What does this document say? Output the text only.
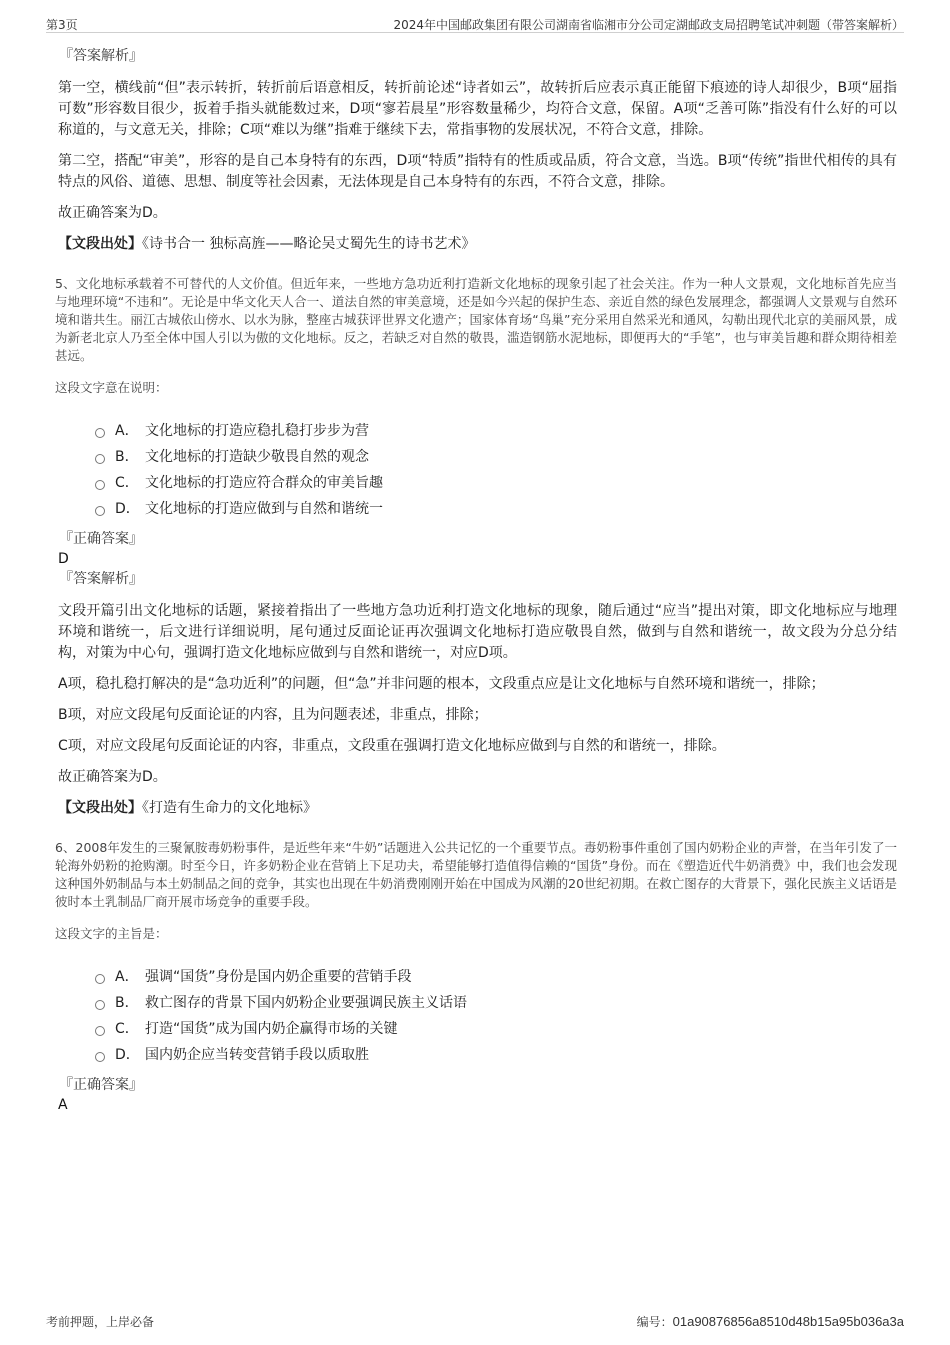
第3页	2024年中国邮政集团有限公司湖南省临湘市分公司定湖邮政支局招聘笔试冲刺题（带答案解析）

『答案解析』

第一空，横线前“但”表示转折，转折前后语意相反，转折前论述“诗者如云”，故转折后应表示真正能留下痕迹的诗人却很少，B项“屈指可数”形容数目很少，扳着手指头就能数过来，D项“寥若晨星”形容数量稀少，均符合文意，保留。A项“乏善可陈”指没有什么好的可以称道的，与文意无关，排除；C项“难以为继”指难于继续下去，常指事物的发展状况，不符合文意，排除。

第二空，搭配“审美”，形容的是自己本身特有的东西，D项“特质”指特有的性质或品质，符合文意，当选。B项“传统”指世代相传的具有特点的风俗、道德、思想、制度等社会因素，无法体现是自己本身特有的东西，不符合文意，排除。

故正确答案为D。

【文段出处】《诗书合一 独标高旌——略论吴丈蜀先生的诗书艺术》

5、文化地标承载着不可替代的人文价值。但近年来，一些地方急功近利打造新文化地标的现象引起了社会关注。作为一种人文景观，文化地标首先应当与地理环境“不违和”。无论是中华文化天人合一、道法自然的审美意境，还是如今兴起的保护生态、亲近自然的绿色发展理念，都强调人文景观与自然环境和谐共生。丽江古城依山傍水、以水为脉，整座古城获评世界文化遗产；国家体育场“鸟巢”充分采用自然采光和通风，勾勒出现代北京的美丽风景，成为新老北京人乃至全体中国人引以为傲的文化地标。反之，若缺乏对自然的敬畏，滥造钢筋水泥地标，即便再大的“手笔”，也与审美旨趣和群众期待相差甚远。

这段文字意在说明：

A． 文化地标的打造应稳扎稳打步步为营
B． 文化地标的打造缺少敬畏自然的观念
C． 文化地标的打造应符合群众的审美旨趣
D． 文化地标的打造应做到与自然和谐统一

『正确答案』

D

『答案解析』

文段开篇引出文化地标的话题，紧接着指出了一些地方急功近利打造文化地标的现象，随后通过“应当”提出对策，即文化地标应与地理环境和谐统一，后文进行详细说明，尾句通过反面论证再次强调文化地标打造应敬畏自然，做到与自然和谐统一，故文段为分总分结构，对策为中心句，强调打造文化地标应做到与自然和谐统一，对应D项。

A项，稳扎稳打解决的是“急功近利”的问题，但“急”并非问题的根本，文段重点应是让文化地标与自然环境和谐统一，排除；

B项，对应文段尾句反面论证的内容，且为问题表述，非重点，排除；

C项，对应文段尾句反面论证的内容，非重点，文段重在强调打造文化地标应做到与自然的和谐统一，排除。

故正确答案为D。

【文段出处】《打造有生命力的文化地标》

6、2008年发生的三聚氰胺毒奶粉事件，是近些年来“牛奶”话题进入公共记忆的一个重要节点。毒奶粉事件重创了国内奶粉企业的声誉，在当年引发了一轮海外奶粉的抢购潮。时至今日，许多奶粉企业在营销上下足功夫，希望能够打造值得信赖的“国货”身份。而在《塑造近代牛奶消费》中，我们也会发现这种国外奶制品与本土奶制品之间的竞争，其实也出现在牛奶消费刚刚开始在中国成为风潮的20世纪初期。在救亡图存的大背景下，强化民族主义话语是彼时本土乳制品厂商开展市场竞争的重要手段。

这段文字的主旨是：

A． 强调“国货”身份是国内奶企重要的营销手段
B． 救亡图存的背景下国内奶粉企业要强调民族主义话语
C． 打造“国货”成为国内奶企赢得市场的关键
D． 国内奶企应当转变营销手段以质取胜

『正确答案』

A

考前押题，上岸必备	编号：01a90876856a8510d48b15a95b036a3a
